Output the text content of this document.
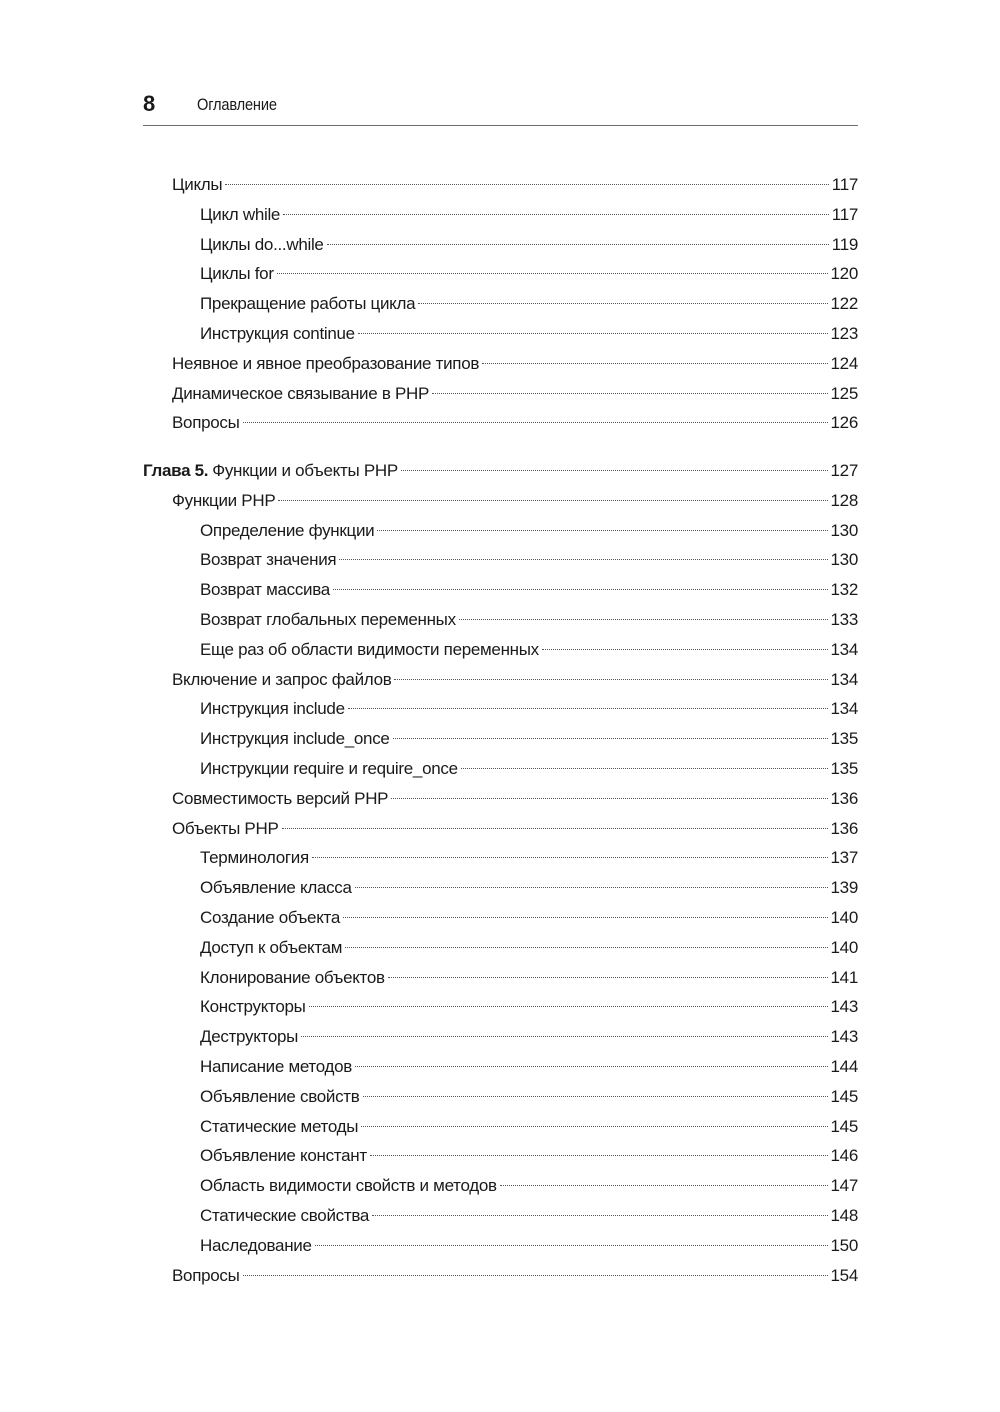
8 Оглавление
Циклы	117
Цикл while	117
Циклы do...while	119
Циклы for	120
Прекращение работы цикла	122
Инструкция continue	123
Неявное и явное преобразование типов	124
Динамическое связывание в PHP	125
Вопросы	126
Глава 5. Функции и объекты PHP	127
Функции PHP	128
Определение функции	130
Возврат значения	130
Возврат массива	132
Возврат глобальных переменных	133
Еще раз об области видимости переменных	134
Включение и запрос файлов	134
Инструкция include	134
Инструкция include_once	135
Инструкции require и require_once	135
Совместимость версий PHP	136
Объекты PHP	136
Терминология	137
Объявление класса	139
Создание объекта	140
Доступ к объектам	140
Клонирование объектов	141
Конструкторы	143
Деструкторы	143
Написание методов	144
Объявление свойств	145
Статические методы	145
Объявление констант	146
Область видимости свойств и методов	147
Статические свойства	148
Наследование	150
Вопросы	154
